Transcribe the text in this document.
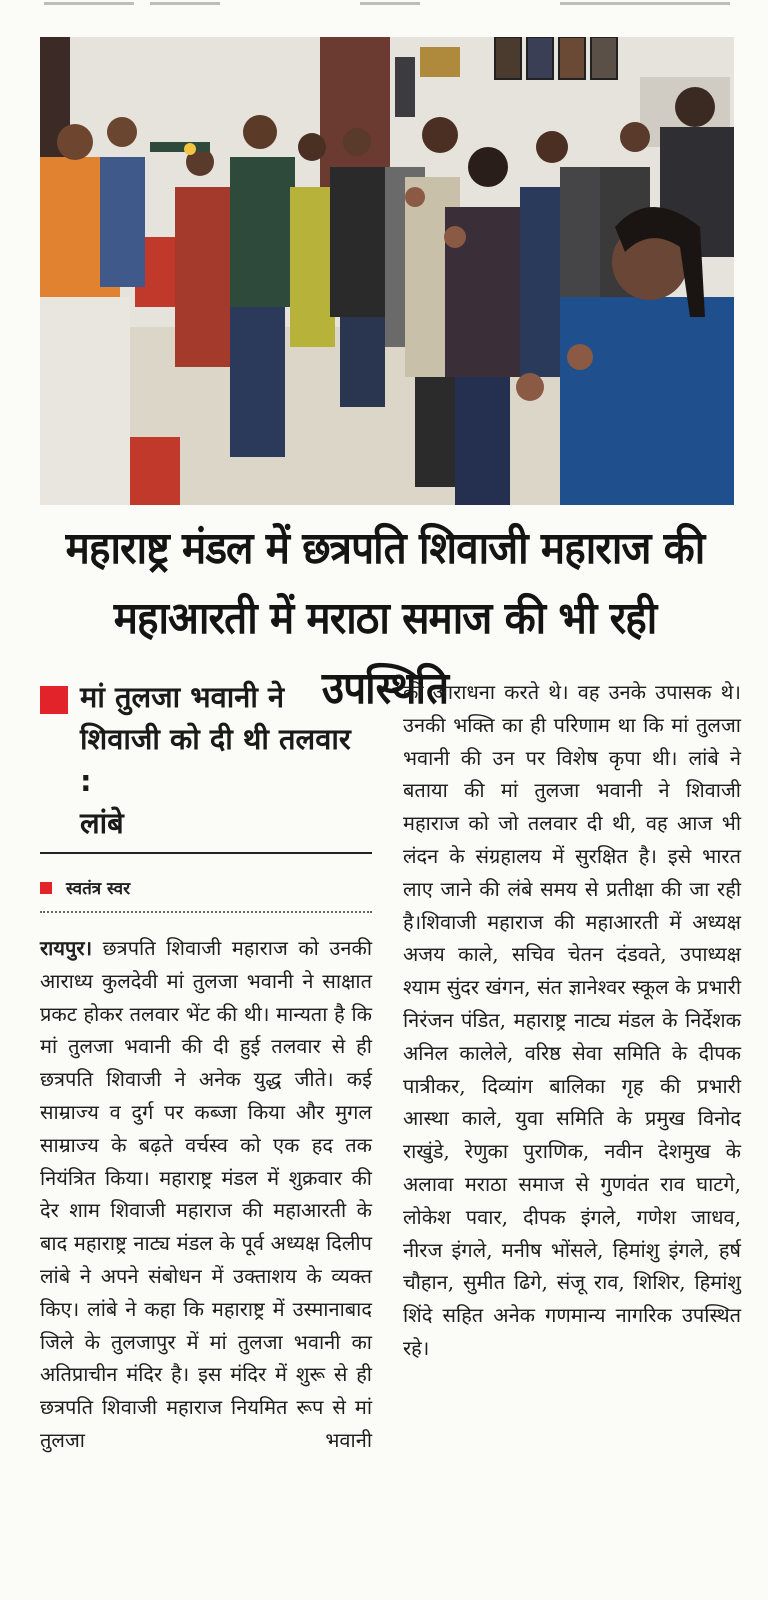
महाराष्ट्र मंडल में छत्रपति शिवाजी महाराज की
महाआरती में मराठा समाज की भी रही उपस्थिति
मां तुलजा भवानी ने
शिवाजी को दी थी तलवार :
लांबे
स्वतंत्र स्वर
रायपुर। छत्रपति शिवाजी महाराज को उनकी आराध्य कुलदेवी मां तुलजा भवानी ने साक्षात प्रकट होकर तलवार भेंट की थी। मान्यता है कि मां तुलजा भवानी की दी हुई तलवार से ही छत्रपति शिवाजी ने अनेक युद्ध जीते। कई साम्राज्य व दुर्ग पर कब्जा किया और मुगल साम्राज्य के बढ़ते वर्चस्व को एक हद तक नियंत्रित किया। महाराष्ट्र मंडल में शुक्रवार की देर शाम शिवाजी महाराज की महाआरती के बाद महाराष्ट्र नाट्य मंडल के पूर्व अध्यक्ष दिलीप लांबे ने अपने संबोधन में उक्ताशय के व्यक्त किए। लांबे ने कहा कि महाराष्ट्र में उस्मानाबाद जिले के तुलजापुर में मां तुलजा भवानी का अतिप्राचीन मंदिर है। इस मंदिर में शुरू से ही छत्रपति शिवाजी महाराज नियमित रूप से मां तुलजा भवानी
की आराधना करते थे। वह उनके उपासक थे। उनकी भक्ति का ही परिणाम था कि मां तुलजा भवानी की उन पर विशेष कृपा थी। लांबे ने बताया की मां तुलजा भवानी ने शिवाजी महाराज को जो तलवार दी थी, वह आज भी लंदन के संग्रहालय में सुरक्षित है। इसे भारत लाए जाने की लंबे समय से प्रतीक्षा की जा रही है।शिवाजी महाराज की महाआरती में अध्यक्ष अजय काले, सचिव चेतन दंडवते, उपाध्यक्ष श्याम सुंदर खंगन, संत ज्ञानेश्वर स्कूल के प्रभारी निरंजन पंडित, महाराष्ट्र नाट्य मंडल के निर्देशक अनिल कालेले, वरिष्ठ सेवा समिति के दीपक पात्रीकर, दिव्यांग बालिका गृह की प्रभारी आस्था काले, युवा समिति के प्रमुख विनोद राखुंडे, रेणुका पुराणिक, नवीन देशमुख के अलावा मराठा समाज से गुणवंत राव घाटगे, लोकेश पवार, दीपक इंगले, गणेश जाधव, नीरज इंगले, मनीष भोंसले, हिमांशु इंगले, हर्ष चौहान, सुमीत ढिगे, संजू राव, शिशिर, हिमांशु शिंदे सहित अनेक गणमान्य नागरिक उपस्थित रहे।
